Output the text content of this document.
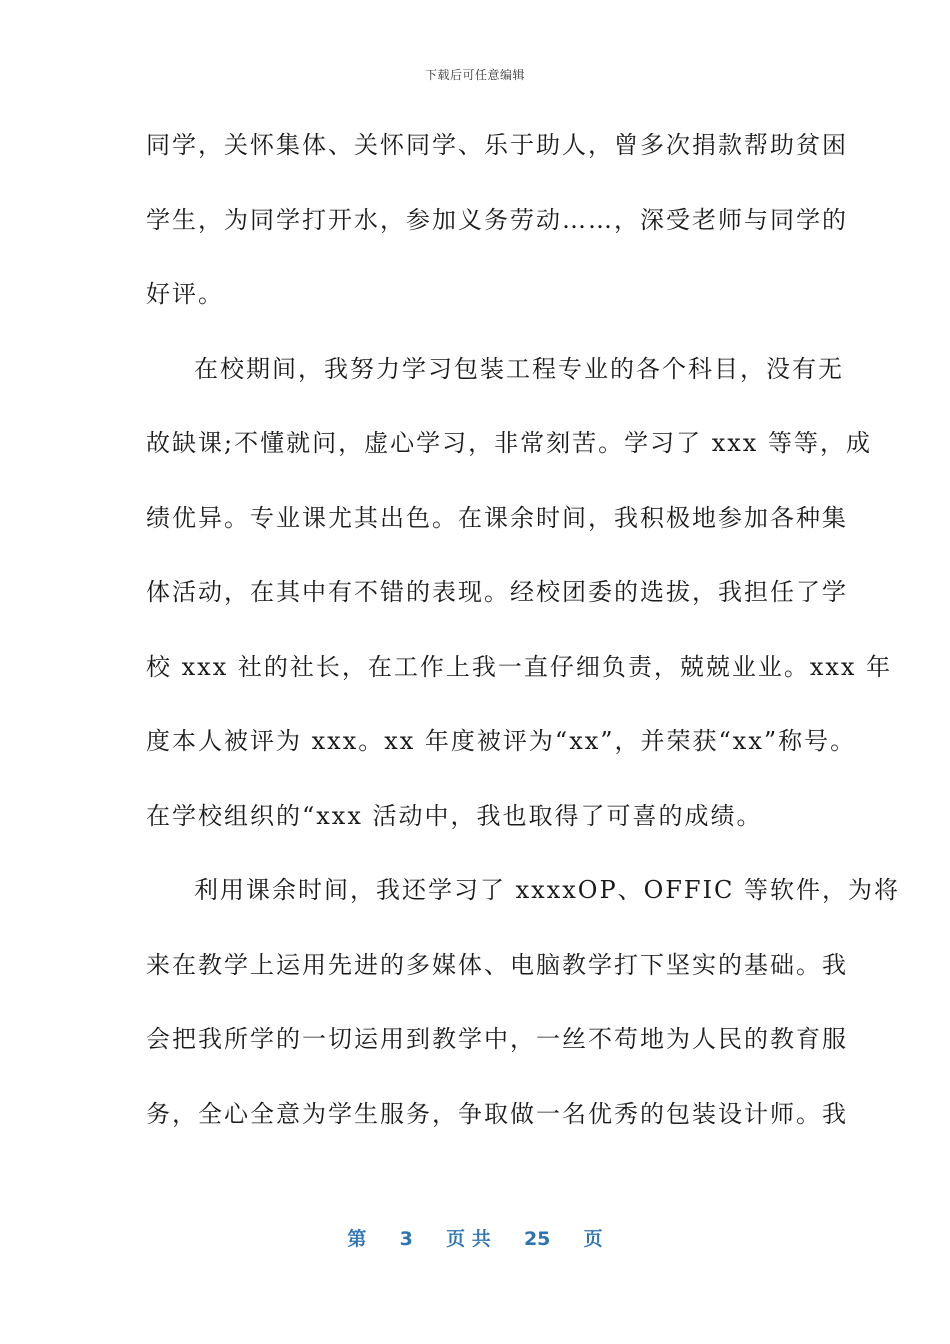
下载后可任意编辑
同学，关怀集体、关怀同学、乐于助人，曾多次捐款帮助贫困
学生，为同学打开水，参加义务劳动……，深受老师与同学的
好评。
在校期间，我努力学习包装工程专业的各个科目，没有无
故缺课;不懂就问，虚心学习，非常刻苦。学习了 xxx 等等，成
绩优异。专业课尤其出色。在课余时间，我积极地参加各种集
体活动，在其中有不错的表现。经校团委的选拔，我担任了学
校 xxx 社的社长，在工作上我一直仔细负责，兢兢业业。xxx 年
度本人被评为 xxx。xx 年度被评为“xx”，并荣获“xx”称号。
在学校组织的“xxx 活动中，我也取得了可喜的成绩。
利用课余时间，我还学习了 xxxxOP、OFFIC 等软件，为将
来在教学上运用先进的多媒体、电脑教学打下坚实的基础。我
会把我所学的一切运用到教学中，一丝不苟地为人民的教育服
务，全心全意为学生服务，争取做一名优秀的包装设计师。我
第 3 页 共 25 页
